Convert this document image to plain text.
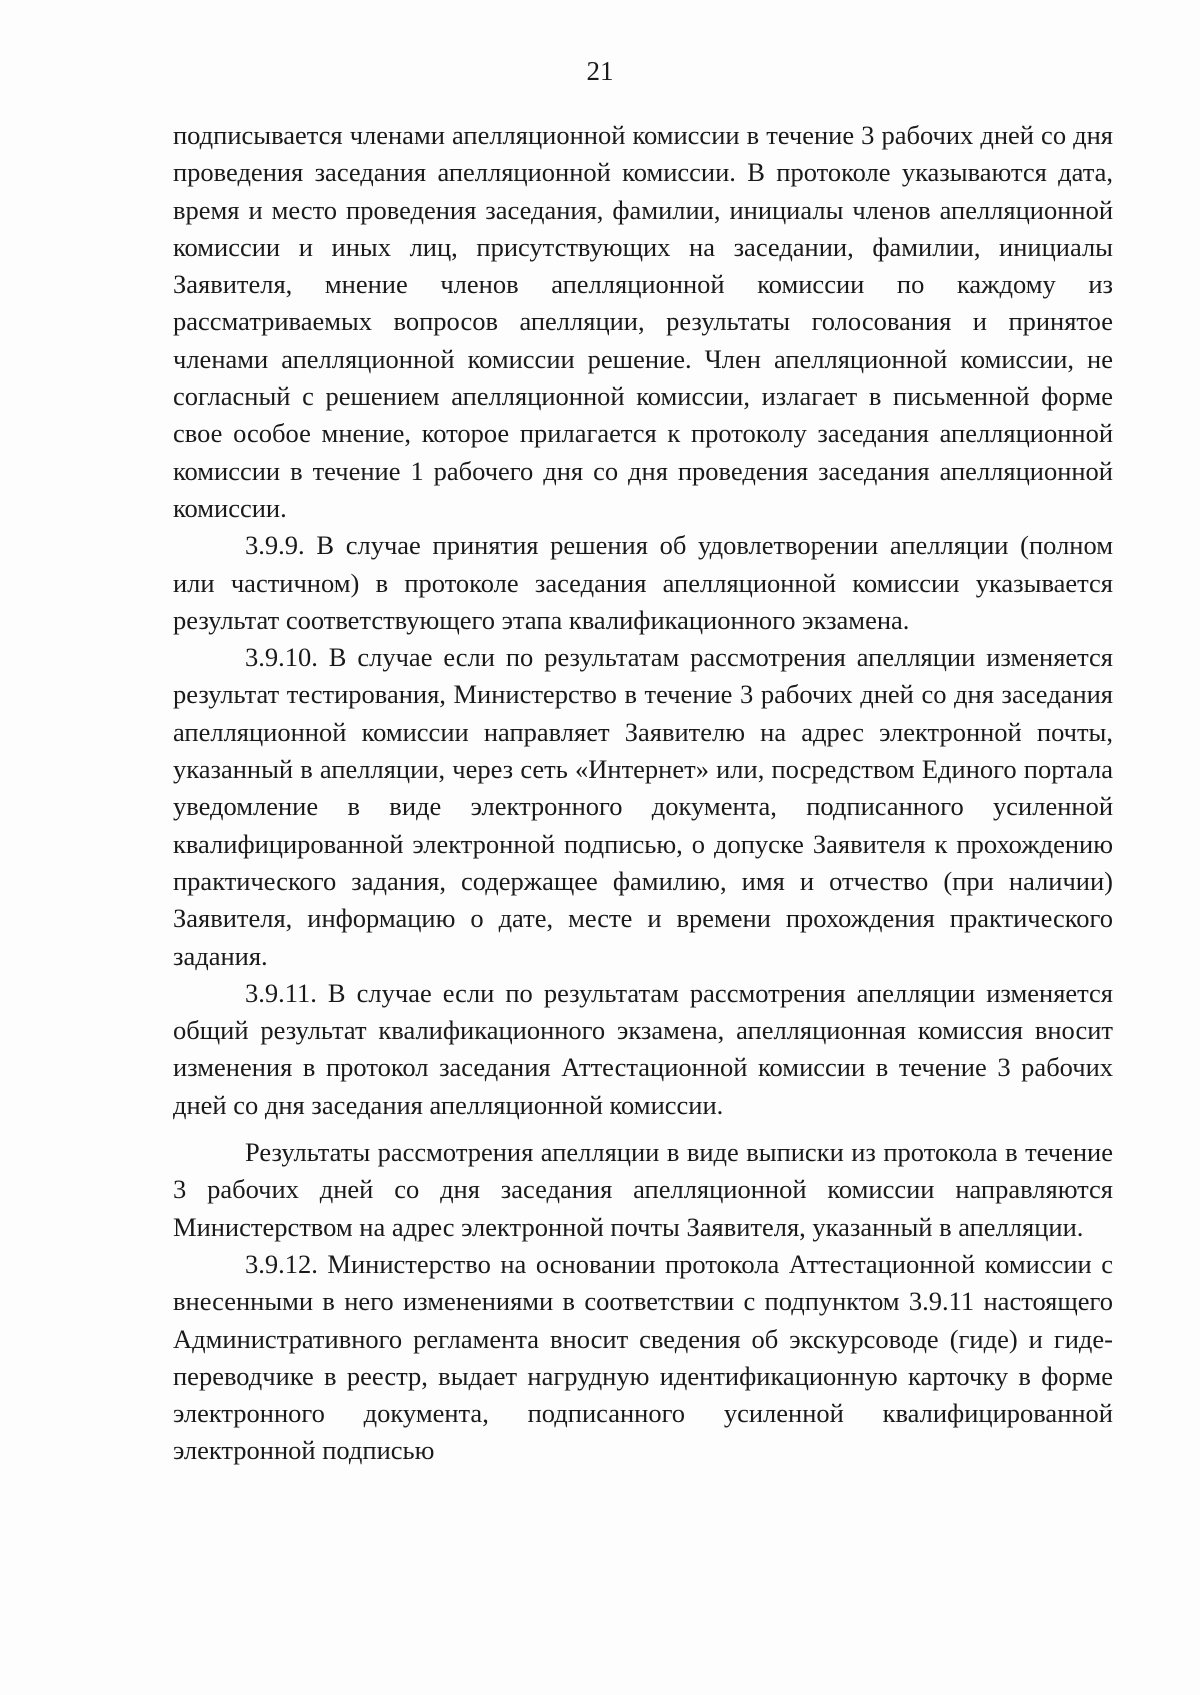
21

подписывается членами апелляционной комиссии в течение 3 рабочих дней со дня проведения заседания апелляционной комиссии. В протоколе указываются дата, время и место проведения заседания, фамилии, инициалы членов апелляционной комиссии и иных лиц, присутствующих на заседании, фамилии, инициалы Заявителя, мнение членов апелляционной комиссии по каждому из рассматриваемых вопросов апелляции, результаты голосования и принятое членами апелляционной комиссии решение. Член апелляционной комиссии, не согласный с решением апелляционной комиссии, излагает в письменной форме свое особое мнение, которое прилагается к протоколу заседания апелляционной комиссии в течение 1 рабочего дня со дня проведения заседания апелляционной комиссии.

3.9.9. В случае принятия решения об удовлетворении апелляции (полном или частичном) в протоколе заседания апелляционной комиссии указывается результат соответствующего этапа квалификационного экзамена.

3.9.10. В случае если по результатам рассмотрения апелляции изменяется результат тестирования, Министерство в течение 3 рабочих дней со дня заседания апелляционной комиссии направляет Заявителю на адрес электронной почты, указанный в апелляции, через сеть «Интернет» или, посредством Единого портала уведомление в виде электронного документа, подписанного усиленной квалифицированной электронной подписью, о допуске Заявителя к прохождению практического задания, содержащее фамилию, имя и отчество (при наличии) Заявителя, информацию о дате, месте и времени прохождения практического задания.

3.9.11. В случае если по результатам рассмотрения апелляции изменяется общий результат квалификационного экзамена, апелляционная комиссия вносит изменения в протокол заседания Аттестационной комиссии в течение 3 рабочих дней со дня заседания апелляционной комиссии.

Результаты рассмотрения апелляции в виде выписки из протокола в течение 3 рабочих дней со дня заседания апелляционной комиссии направляются Министерством на адрес электронной почты Заявителя, указанный в апелляции.

3.9.12. Министерство на основании протокола Аттестационной комиссии с внесенными в него изменениями в соответствии с подпунктом 3.9.11 настоящего Административного регламента вносит сведения об экскурсоводе (гиде) и гиде-переводчике в реестр, выдает нагрудную идентификационную карточку в форме электронного документа, подписанного усиленной квалифицированной электронной подписью
